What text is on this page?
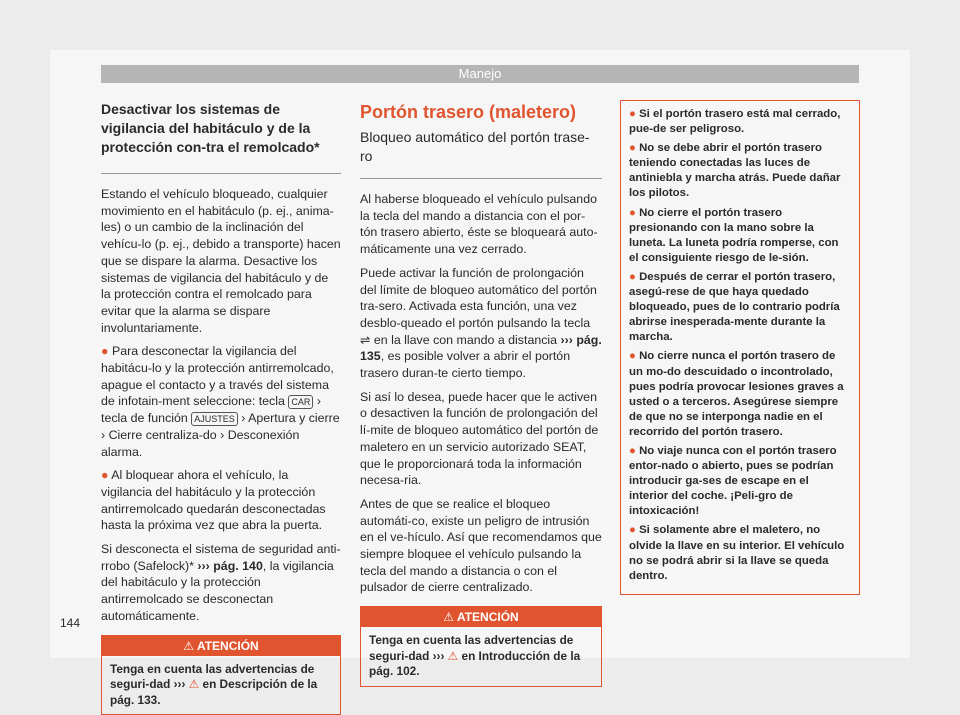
Manejo
Desactivar los sistemas de vigilancia del habitáculo y de la protección con-tra el remolcado*

Estando el vehículo bloqueado, cualquier movimiento en el habitáculo (p. ej., anima-les) o un cambio de la inclinación del vehícu-lo (p. ej., debido a transporte) hacen que se dispare la alarma. Desactive los sistemas de vigilancia del habitáculo y de la protección contra el remolcado para evitar que la alarma se dispare involuntariamente.

● Para desconectar la vigilancia del habitácu-lo y la protección antirremolcado, apague el contacto y a través del sistema de infotain-ment seleccione: tecla CAR › tecla de función AJUSTES › Apertura y cierre › Cierre centraliza-do › Desconexión alarma.

● Al bloquear ahora el vehículo, la vigilancia del habitáculo y la protección antirremolcado quedarán desconectadas hasta la próxima vez que abra la puerta.

Si desconecta el sistema de seguridad anti-rrobo (Safelock)* ››› pág. 140, la vigilancia del habitáculo y la protección antirremolcado se desconectan automáticamente.

⚠ ATENCIÓN
Tenga en cuenta las advertencias de seguri-dad ››› ⚠ en Descripción de la pág. 133.
Portón trasero (maletero)
Bloqueo automático del portón trase-ro

Al haberse bloqueado el vehículo pulsando la tecla del mando a distancia con el por-tón trasero abierto, éste se bloqueará auto-máticamente una vez cerrado.

Puede activar la función de prolongación del límite de bloqueo automático del portón tra-sero. Activada esta función, una vez desblo-queado el portón pulsando la tecla ⇌ en la llave con mando a distancia ››› pág. 135, es posible volver a abrir el portón trasero duran-te cierto tiempo.

Si así lo desea, puede hacer que le activen o desactiven la función de prolongación del lí-mite de bloqueo automático del portón de maletero en un servicio autorizado SEAT, que le proporcionará toda la información necesa-ria.

Antes de que se realice el bloqueo automáti-co, existe un peligro de intrusión en el ve-hículo. Así que recomendamos que siempre bloquee el vehículo pulsando la tecla del mando a distancia o con el pulsador de cierre centralizado.

⚠ ATENCIÓN
Tenga en cuenta las advertencias de seguri-dad ››› ⚠ en Introducción de la pág. 102.

● Si el portón trasero está mal cerrado, pue-de ser peligroso.

● No se debe abrir el portón trasero teniendo conectadas las luces de antiniebla y marcha atrás. Puede dañar los pilotos.

● No cierre el portón trasero presionando con la mano sobre la luneta. La luneta podría romperse, con el consiguiente riesgo de le-sión.

● Después de cerrar el portón trasero, asegú-rese de que haya quedado bloqueado, pues de lo contrario podría abrirse inesperada-mente durante la marcha.

● No cierre nunca el portón trasero de un mo-do descuidado o incontrolado, pues podría provocar lesiones graves a usted o a terceros. Asegúrese siempre de que no se interponga nadie en el recorrido del portón trasero.

● No viaje nunca con el portón trasero entor-nado o abierto, pues se podrían introducir ga-ses de escape en el interior del coche. ¡Peli-gro de intoxicación!

● Si solamente abre el maletero, no olvide la llave en su interior. El vehículo no se podrá abrir si la llave se queda dentro.

144
